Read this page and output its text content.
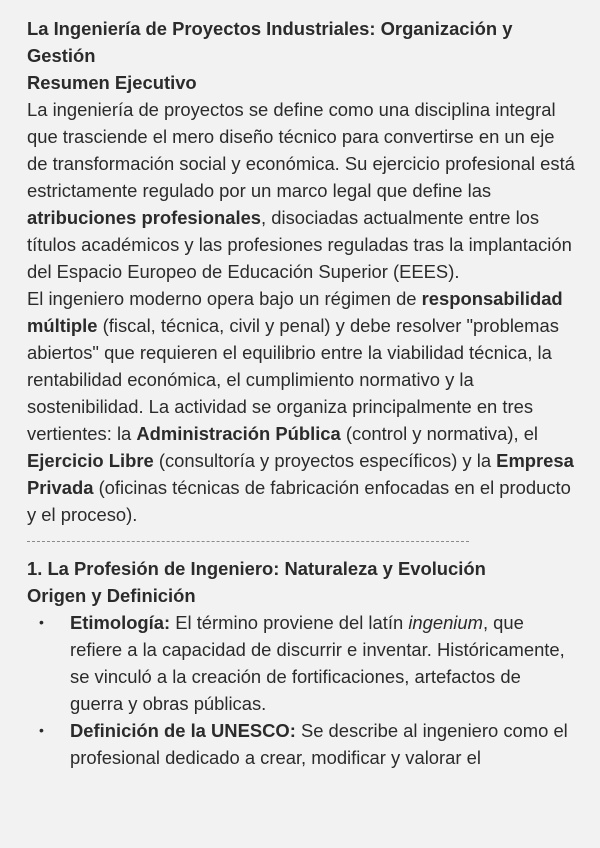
La Ingeniería de Proyectos Industriales: Organización y Gestión

Resumen Ejecutivo

La ingeniería de proyectos se define como una disciplina integral que trasciende el mero diseño técnico para convertirse en un eje de transformación social y económica. Su ejercicio profesional está estrictamente regulado por un marco legal que define las atribuciones profesionales, disociadas actualmente entre los títulos académicos y las profesiones reguladas tras la implantación del Espacio Europeo de Educación Superior (EEES).

El ingeniero moderno opera bajo un régimen de responsabilidad múltiple (fiscal, técnica, civil y penal) y debe resolver "problemas abiertos" que requieren el equilibrio entre la viabilidad técnica, la rentabilidad económica, el cumplimiento normativo y la sostenibilidad. La actividad se organiza principalmente en tres vertientes: la Administración Pública (control y normativa), el Ejercicio Libre (consultoría y proyectos específicos) y la Empresa Privada (oficinas técnicas de fabricación enfocadas en el producto y el proceso).

1. La Profesión de Ingeniero: Naturaleza y Evolución

Origen y Definición

• Etimología: El término proviene del latín ingenium, que refiere a la capacidad de discurrir e inventar. Históricamente, se vinculó a la creación de fortificaciones, artefactos de guerra y obras públicas.
• Definición de la UNESCO: Se describe al ingeniero como el profesional dedicado a crear, modificar y valorar el
